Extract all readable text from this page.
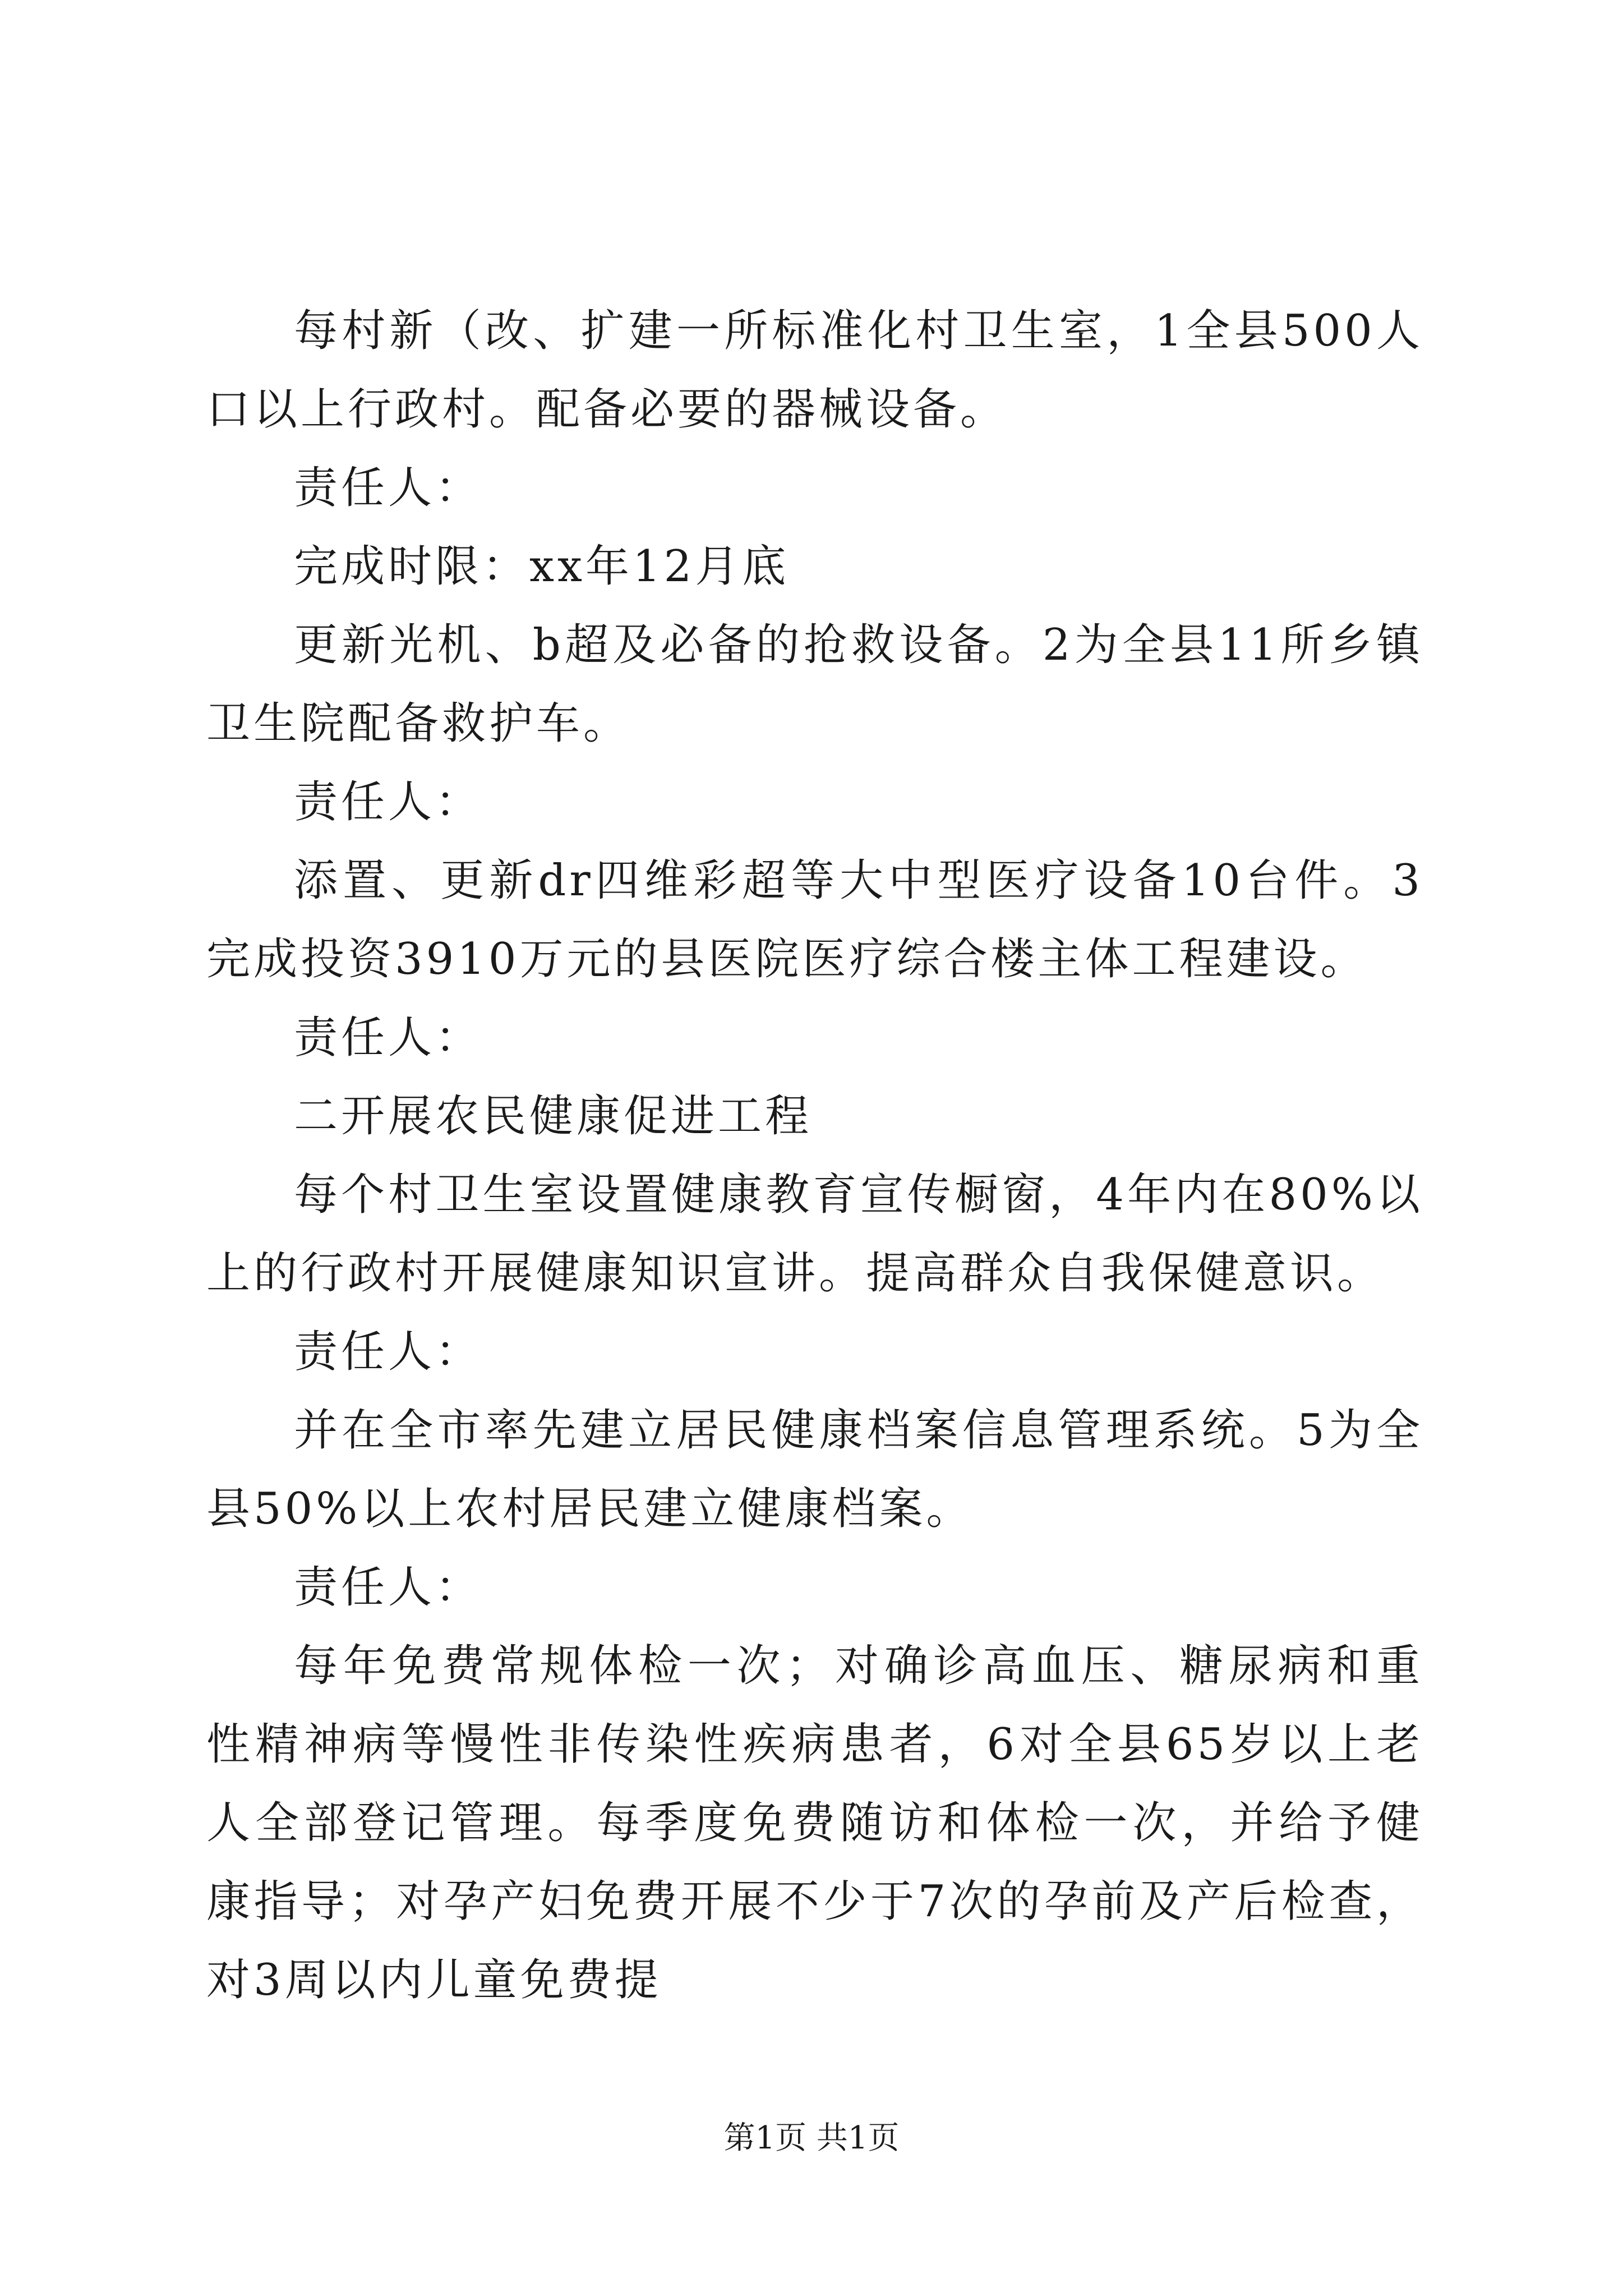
每村新（改、扩建一所标准化村卫生室，1全县500人口以上行政村。配备必要的器械设备。

责任人：

完成时限：xx年12月底

更新光机、b超及必备的抢救设备。2为全县11所乡镇卫生院配备救护车。

责任人：

添置、更新dr四维彩超等大中型医疗设备10台件。3完成投资3910万元的县医院医疗综合楼主体工程建设。

责任人：

二开展农民健康促进工程

每个村卫生室设置健康教育宣传橱窗，4年内在80%以上的行政村开展健康知识宣讲。提高群众自我保健意识。

责任人：

并在全市率先建立居民健康档案信息管理系统。5为全县50%以上农村居民建立健康档案。

责任人：

每年免费常规体检一次；对确诊高血压、糖尿病和重性精神病等慢性非传染性疾病患者，6对全县65岁以上老人全部登记管理。每季度免费随访和体检一次，并给予健康指导；对孕产妇免费开展不少于7次的孕前及产后检查，对3周以内儿童免费提

第1页 共1页
